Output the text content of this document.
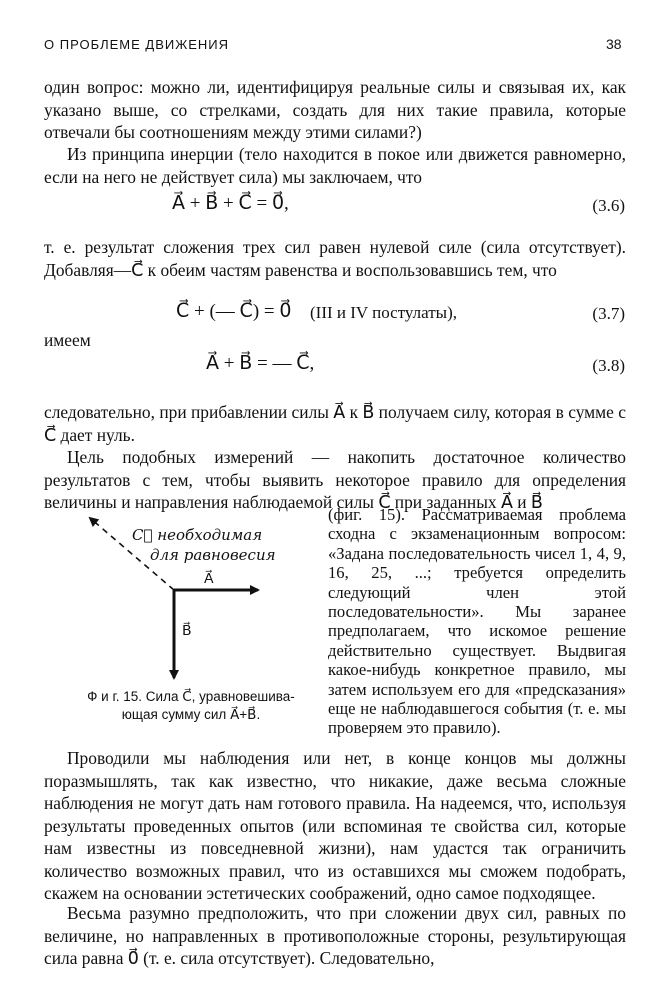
О ПРОБЛЕМЕ ДВИЖЕНИЯ	38
один вопрос: можно ли, идентифицируя реальные силы и связывая их, как указано выше, со стрелками, создать для них такие правила, которые отвечали бы соотношениям между этими силами?)
Из принципа инерции (тело находится в покое или движется равномерно, если на него не действует сила) мы заключаем, что
A⃗ + B⃗ + C⃗ = 0⃗,	(3.6)
т. е. результат сложения трех сил равен нулевой силе (сила отсутствует). Добавляя—C⃗ к обеим частям равенства и воспользовавшись тем, что
C⃗ + (— C⃗) = 0⃗ (III и IV постулаты),	(3.7)
имеем
A⃗ + B⃗ = — C⃗,	(3.8)
следовательно, при прибавлении силы A⃗ к B⃗ получаем силу, которая в сумме с C⃗ дает нуль.
Цель подобных измерений — накопить достаточное количество результатов с тем, чтобы выявить некоторое правило для определения величины и направления наблюдаемой силы C⃗ при заданных A⃗ и B⃗
C⃗ необходимая
для равновесия
A⃗
B⃗
(фиг. 15). Рассматриваемая проблема сходна с экзаменационным вопросом: «Задана последовательность чисел 1, 4, 9, 16, 25, ...; требуется определить следующий член этой последовательности». Мы заранее предполагаем, что искомое решение действительно существует. Выдвигая какое-нибудь конкретное правило, мы затем используем его для «предсказания» еще не наблюдавшегося события (т. е. мы проверяем это правило).
Ф и г. 15. Сила C⃗, уравновешива-
ющая сумму сил A⃗+B⃗.
Проводили мы наблюдения или нет, в конце концов мы должны поразмышлять, так как известно, что никакие, даже весьма сложные наблюдения не могут дать нам готового правила. На надеемся, что, используя результаты проведенных опытов (или вспоминая те свойства сил, которые нам известны из повседневной жизни), нам удастся так ограничить количество возможных правил, что из оставшихся мы сможем подобрать, скажем на основании эстетических соображений, одно самое подходящее.
Весьма разумно предположить, что при сложении двух сил, равных по величине, но направленных в противоположные стороны, результирующая сила равна 0⃗ (т. е. сила отсутствует). Следовательно,
